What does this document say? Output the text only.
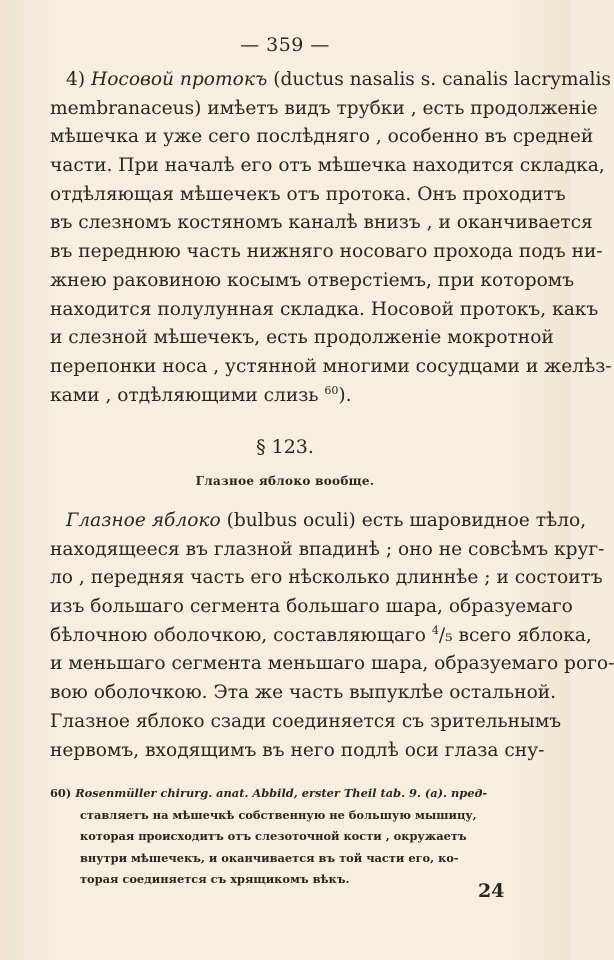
— 359 —
4) Носовой протокъ (ductus nasalis s. canalis lacrymalis
membranaceus) имѣетъ видъ трубки , есть продолженіе
мѣшечка и уже сего послѣдняго , особенно въ средней
части. При началѣ его отъ мѣшечка находится складка,
отдѣляющая мѣшечекъ отъ протока. Онъ проходитъ
въ слезномъ костяномъ каналѣ внизъ , и оканчивается
въ переднюю часть нижняго носоваго прохода подъ ни-
жнею раковиною косымъ отверстіемъ, при которомъ
находится полулунная складка. Носовой протокъ, какъ
и слезной мѣшечекъ, есть продолженіе мокротной
перепонки носа , устянной многими сосудцами и желѣз-
ками , отдѣляющими слизь $^{60}$).
§ 123.
Глазное яблоко вообще.
Глазное яблоко (bulbus oculi) есть шаровидное тѣло,
находящееся въ глазной впадинѣ ; оно не совсѣмъ круг-
ло , передняя часть его нѣсколько длиннѣе ; и состоитъ
изъ большаго сегмента большаго шара, образуемаго
бѣлочною оболочкою, составляющаго $^4$/₅ всего яблока,
и меньшаго сегмента меньшаго шара, образуемаго рогo-
вою оболочкою. Эта же часть выпуклѣе остальной.
Глазное яблоко сзади соединяется съ зрительнымъ
нервомъ, входящимъ въ него подлѣ оси глаза сну-
60) Rosenmüller chirurg. anat. Abbild, erster Theil tab. 9. (a). пред-
ставляетъ на мѣшечкѣ собственную не большую мышицу,
которая происходитъ отъ слезоточной кости , окружаетъ
внутри мѣшечекъ, и оканчивается въ той части его, ко-
торая соединяется съ хрящикомъ вѣкъ.
24
